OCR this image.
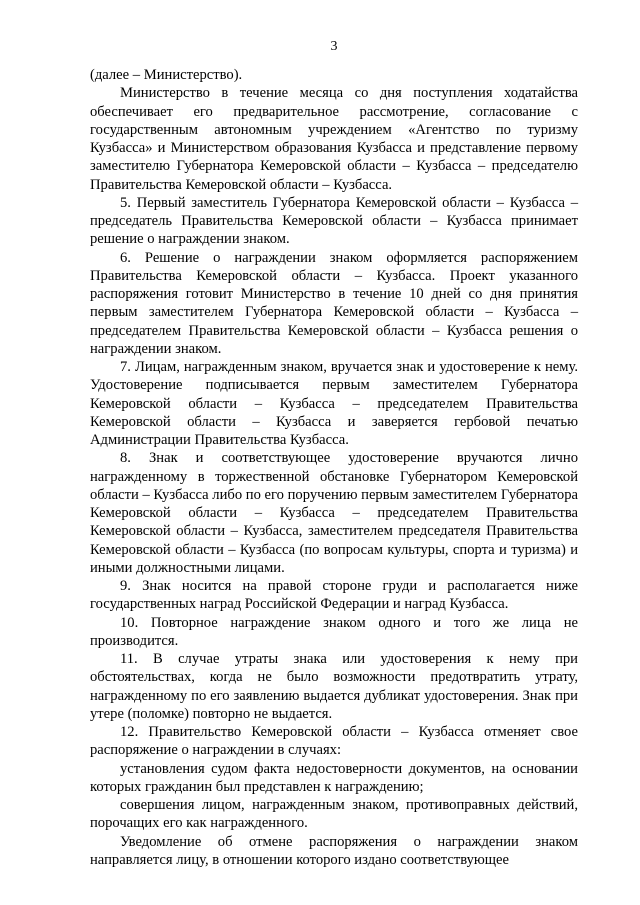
3

(далее – Министерство).

Министерство в течение месяца со дня поступления ходатайства обеспечивает его предварительное рассмотрение, согласование с государственным автономным учреждением «Агентство по туризму Кузбасса» и Министерством образования Кузбасса и представление первому заместителю Губернатора Кемеровской области – Кузбасса – председателю Правительства Кемеровской области – Кузбасса.

5. Первый заместитель Губернатора Кемеровской области – Кузбасса – председатель Правительства Кемеровской области – Кузбасса принимает решение о награждении знаком.

6. Решение о награждении знаком оформляется распоряжением Правительства Кемеровской области – Кузбасса. Проект указанного распоряжения готовит Министерство в течение 10 дней со дня принятия первым заместителем Губернатора Кемеровской области – Кузбасса – председателем Правительства Кемеровской области – Кузбасса решения о награждении знаком.

7. Лицам, награжденным знаком, вручается знак и удостоверение к нему. Удостоверение подписывается первым заместителем Губернатора Кемеровской области – Кузбасса – председателем Правительства Кемеровской области – Кузбасса и заверяется гербовой печатью Администрации Правительства Кузбасса.

8. Знак и соответствующее удостоверение вручаются лично награжденному в торжественной обстановке Губернатором Кемеровской области – Кузбасса либо по его поручению первым заместителем Губернатора Кемеровской области – Кузбасса – председателем Правительства Кемеровской области – Кузбасса, заместителем председателя Правительства Кемеровской области – Кузбасса (по вопросам культуры, спорта и туризма) и иными должностными лицами.

9. Знак носится на правой стороне груди и располагается ниже государственных наград Российской Федерации и наград Кузбасса.

10. Повторное награждение знаком одного и того же лица не производится.

11. В случае утраты знака или удостоверения к нему при обстоятельствах, когда не было возможности предотвратить утрату, награжденному по его заявлению выдается дубликат удостоверения. Знак при утере (поломке) повторно не выдается.

12. Правительство Кемеровской области – Кузбасса отменяет свое распоряжение о награждении в случаях:

установления судом факта недостоверности документов, на основании которых гражданин был представлен к награждению;

совершения лицом, награжденным знаком, противоправных действий, порочащих его как награжденного.

Уведомление об отмене распоряжения о награждении знаком направляется лицу, в отношении которого издано соответствующее
